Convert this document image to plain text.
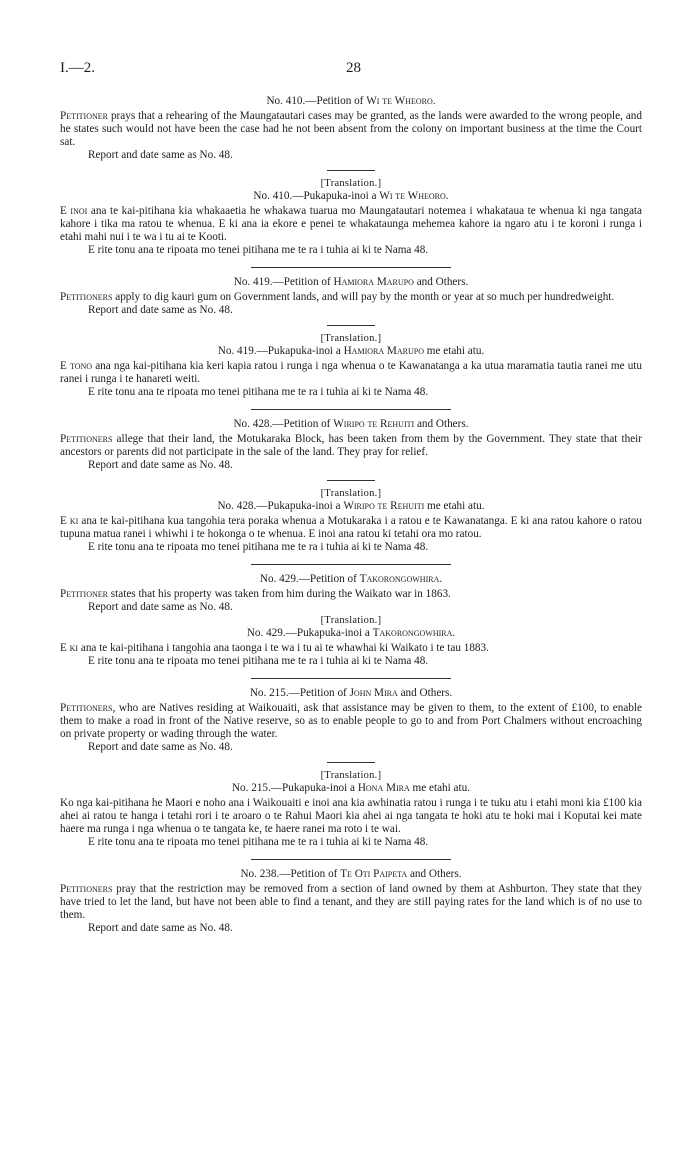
I.—2.	28

No. 410.—Petition of Wi te Wheoro.

Petitioner prays that a rehearing of the Maungatautari cases may be granted, as the lands were awarded to the wrong people, and he states such would not have been the case had he not been absent from the colony on important business at the time the Court sat.

Report and date same as No. 48.

[Translation.]

No. 410.—Pukapuka-inoi a Wi te Wheoro.

E inoi ana te kai-pitihana kia whakaaetia he whakawa tuarua mo Maungatautari notemea i whakataua te whenua ki nga tangata kahore i tika ma ratou te whenua. E ki ana ia ekore e penei te whakataunga mehemea kahore ia ngaro atu i te koroni i runga i etahi mahi nui i te wa i tu ai te Kooti.

E rite tonu ana te ripoata mo tenei pitihana me te ra i tuhia ai ki te Nama 48.

No. 419.—Petition of Hamiora Marupo and Others.

Petitioners apply to dig kauri gum on Government lands, and will pay by the month or year at so much per hundredweight.

Report and date same as No. 48.

[Translation.]

No. 419.—Pukapuka-inoi a Hamiora Marupo me etahi atu.

E tono ana nga kai-pitihana kia keri kapia ratou i runga i nga whenua o te Kawanatanga a ka utua maramatia tautia ranei me utu ranei i runga i te hanareti weiti.

E rite tonu ana te ripoata mo tenei pitihana me te ra i tuhia ai ki te Nama 48.

No. 428.—Petition of Wiripo te Rehuiti and Others.

Petitioners allege that their land, the Motukaraka Block, has been taken from them by the Government. They state that their ancestors or parents did not participate in the sale of the land. They pray for relief.

Report and date same as No. 48.

[Translation.]

No. 428.—Pukapuka-inoi a Wiripo te Rehuiti me etahi atu.

E ki ana te kai-pitihana kua tangohia tera poraka whenua a Motukaraka i a ratou e te Kawanatanga. E ki ana ratou kahore o ratou tupuna matua ranei i whiwhi i te hokonga o te whenua. E inoi ana ratou ki tetahi ora mo ratou.

E rite tonu ana te ripoata mo tenei pitihana me te ra i tuhia ai ki te Nama 48.

No. 429.—Petition of Takorongowhira.

Petitioner states that his property was taken from him during the Waikato war in 1863.

Report and date same as No. 48.

[Translation.]

No. 429.—Pukapuka-inoi a Takorongowhira.

E ki ana te kai-pitihana i tangohia ana taonga i te wa i tu ai te whawhai ki Waikato i te tau 1883.

E rite tonu ana te ripoata mo tenei pitihana me te ra i tuhia ai ki te Nama 48.

No. 215.—Petition of John Mira and Others.

Petitioners, who are Natives residing at Waikouaiti, ask that assistance may be given to them, to the extent of £100, to enable them to make a road in front of the Native reserve, so as to enable people to go to and from Port Chalmers without encroaching on private property or wading through the water.

Report and date same as No. 48.

[Translation.]

No. 215.—Pukapuka-inoi a Hona Mira me etahi atu.

Ko nga kai-pitihana he Maori e noho ana i Waikouaiti e inoi ana kia awhinatia ratou i runga i te tuku atu i etahi moni kia £100 kia ahei ai ratou te hanga i tetahi rori i te aroaro o te Rahui Maori kia ahei ai nga tangata te hoki atu te hoki mai i Koputai kei mate haere ma runga i nga whenua o te tangata ke, te haere ranei ma roto i te wai.

E rite tonu ana te ripoata mo tenei pitihana me te ra i tuhia ai ki te Nama 48.

No. 238.—Petition of Te Oti Paipeta and Others.

Petitioners pray that the restriction may be removed from a section of land owned by them at Ashburton. They state that they have tried to let the land, but have not been able to find a tenant, and they are still paying rates for the land which is of no use to them.

Report and date same as No. 48.
